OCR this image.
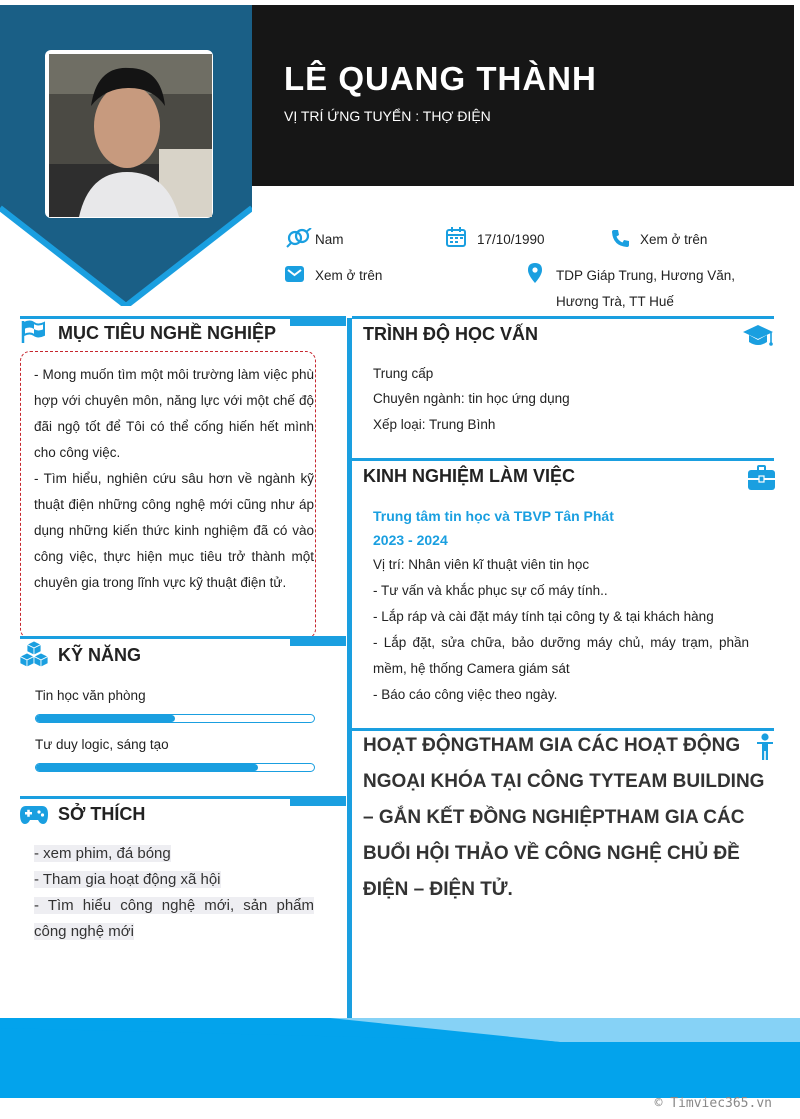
LÊ QUANG THÀNH
VỊ TRÍ ỨNG TUYỂN : THỢ ĐIỆN
Nam	17/10/1990	Xem ở trên
Xem ở trên	TDP Giáp Trung, Hương Văn,
Hương Trà, TT Huế
MỤC TIÊU NGHỀ NGHIỆP
- Mong muốn tìm một môi trường làm việc phù hợp với chuyên môn, năng lực với một chế độ đãi ngộ tốt để Tôi có thể cống hiến hết mình cho công việc.
- Tìm hiểu, nghiên cứu sâu hơn về ngành kỹ thuật điện những công nghệ mới cũng như áp dụng những kiến thức kinh nghiệm đã có vào công việc, thực hiện mục tiêu trở thành một chuyên gia trong lĩnh vực kỹ thuật điện tử.
KỸ NĂNG
Tin học văn phòng
Tư duy logic, sáng tạo
SỞ THÍCH
- xem phim, đá bóng
- Tham gia hoạt động xã hội
- Tìm hiểu công nghệ mới, sản phẩm
công nghệ mới
TRÌNH ĐỘ HỌC VẤN
Trung cấp
Chuyên ngành: tin học ứng dụng
Xếp loại: Trung Bình
KINH NGHIỆM LÀM VIỆC
Trung tâm tin học và TBVP Tân Phát
2023 - 2024
Vị trí: Nhân viên kĩ thuật viên tin học
- Tư vấn và khắc phục sự cố máy tính..
- Lắp ráp và cài đặt máy tính tại công ty & tại khách hàng
- Lắp đặt, sửa chữa, bảo dưỡng máy chủ, máy trạm, phần
mềm, hệ thống Camera giám sát
- Báo cáo công việc theo ngày.
HOẠT ĐỘNGTHAM GIA CÁC HOẠT ĐỘNG
NGOẠI KHÓA TẠI CÔNG TYTEAM BUILDING
– GẮN KẾT ĐỒNG NGHIỆPTHAM GIA CÁC
BUỔI HỘI THẢO VỀ CÔNG NGHỆ CHỦ ĐỀ
ĐIỆN – ĐIỆN TỬ.
© Timviec365.vn
